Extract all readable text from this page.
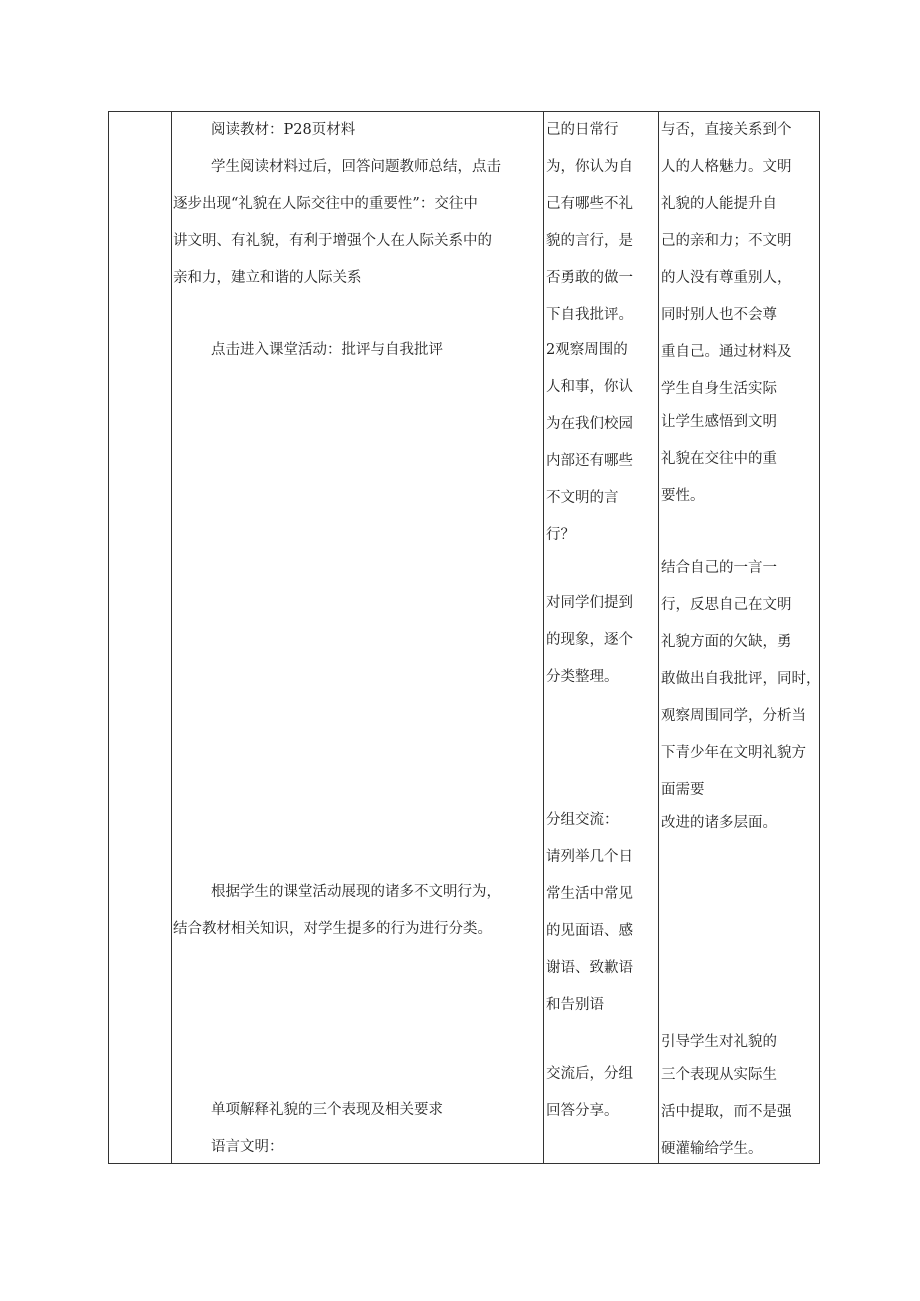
阅读教材：P28页材料
学生阅读材料过后，回答问题教师总结，点击
逐步出现“礼貌在人际交往中的重要性”：交往中
讲文明、有礼貌，有利于增强个人在人际关系中的
亲和力，建立和谐的人际关系
点击进入课堂活动：批评与自我批评
根据学生的课堂活动展现的诸多不文明行为，
结合教材相关知识，对学生提多的行为进行分类。
单项解释礼貌的三个表现及相关要求
语言文明：
己的日常行
为，你认为自
己有哪些不礼
貌的言行，是
否勇敢的做一
下自我批评。
2观察周围的
人和事，你认
为在我们校园
内部还有哪些
不文明的言
行？
对同学们提到
的现象，逐个
分类整理。
分组交流：
请列举几个日
常生活中常见
的见面语、感
谢语、致歉语
和告别语
交流后，分组
回答分享。
与否，直接关系到个
人的人格魅力。文明
礼貌的人能提升自
己的亲和力；不文明
的人没有尊重别人，
同时别人也不会尊
重自己。通过材料及
学生自身生活实际
让学生感悟到文明
礼貌在交往中的重
要性。
结合自己的一言一
行，反思自己在文明
礼貌方面的欠缺，勇
敢做出自我批评，同时，
观察周围同学，分析当
下青少年在文明礼貌方
面需要
改进的诸多层面。
引导学生对礼貌的
三个表现从实际生
活中提取，而不是强
硬灌输给学生。
